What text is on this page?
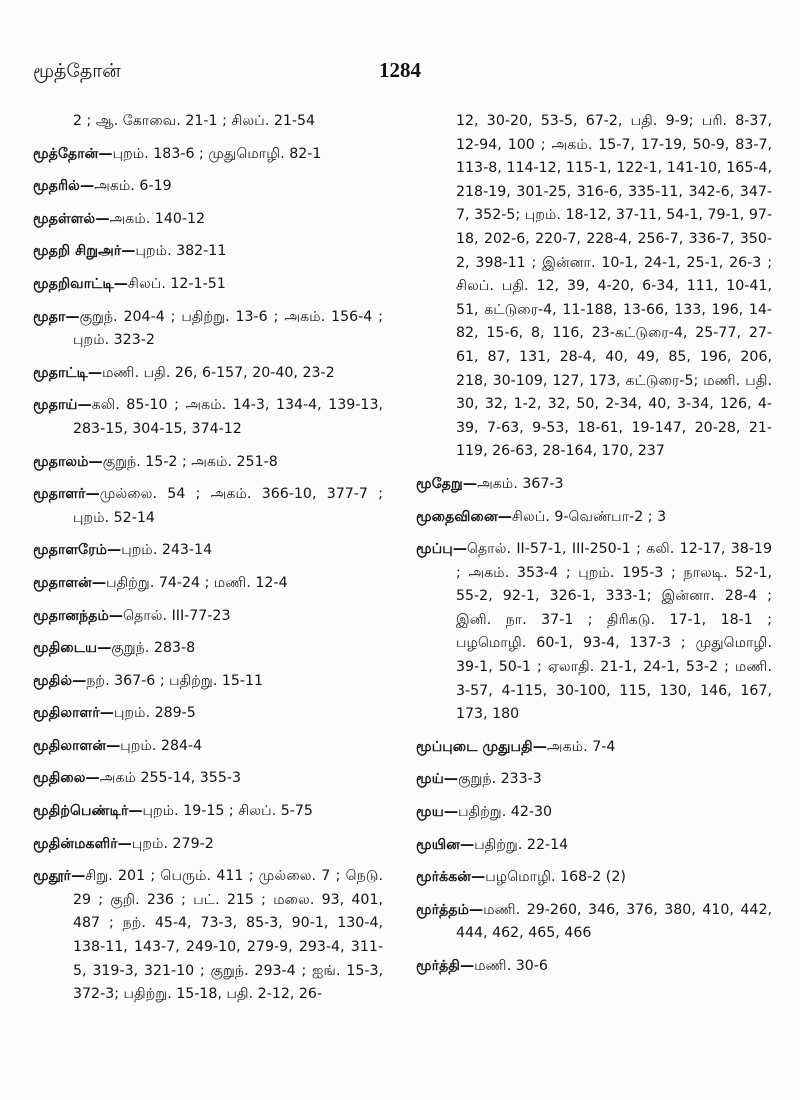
மூத்தோன்	1284

2 ; ஆ. கோவை. 21-1 ; சிலப். 21-54

மூத்தோன்—புறம். 183-6 ; முதுமொழி. 82-1

மூதரில்—அகம். 6-19

மூதள்ளல்—அகம். 140-12

மூதறி சிறுஅர்—புறம். 382-11

மூதறிவாட்டி—சிலப். 12-1-51

மூதா—குறுந். 204-4 ; பதிற்று. 13-6 ; அகம். 156-4 ; புறம். 323-2

மூதாட்டி—மணி. பதி. 26, 6-157, 20-40, 23-2

மூதாய்—கலி. 85-10 ; அகம். 14-3, 134-4, 139-13, 283-15, 304-15, 374-12

மூதாலம்—குறுந். 15-2 ; அகம். 251-8

மூதாளர்—முல்லை. 54 ; அகம். 366-10, 377-7 ; புறம். 52-14

மூதாளரேம்—புறம். 243-14

மூதாளன்—பதிற்று. 74-24 ; மணி. 12-4

மூதானந்தம்—தொல். III-77-23

மூதிடைய—குறுந். 283-8

மூதில்—நற். 367-6 ; பதிற்று. 15-11

மூதிலாளர்—புறம். 289-5

மூதிலாளன்—புறம். 284-4

மூதிலை—அகம் 255-14, 355-3

மூதிற்பெண்டிர்—புறம். 19-15 ; சிலப். 5-75

மூதின்மகளிர்—புறம். 279-2

மூதூர்—சிறு. 201 ; பெரும். 411 ; முல்லை. 7 ; நெடு. 29 ; குறி. 236 ; பட். 215 ; மலை. 93, 401, 487 ; நற். 45-4, 73-3, 85-3, 90-1, 130-4, 138-11, 143-7, 249-10, 279-9, 293-4, 311-5, 319-3, 321-10 ; குறுந். 293-4 ; ஐங். 15-3, 372-3; பதிற்று. 15-18, பதி. 2-12, 26-

12, 30-20, 53-5, 67-2, பதி. 9-9; பரி. 8-37, 12-94, 100 ; அகம். 15-7, 17-19, 50-9, 83-7, 113-8, 114-12, 115-1, 122-1, 141-10, 165-4, 218-19, 301-25, 316-6, 335-11, 342-6, 347-7, 352-5; புறம். 18-12, 37-11, 54-1, 79-1, 97-18, 202-6, 220-7, 228-4, 256-7, 336-7, 350-2, 398-11 ; இன்னா. 10-1, 24-1, 25-1, 26-3 ; சிலப். பதி. 12, 39, 4-20, 6-34, 111, 10-41, 51, கட்டுரை-4, 11-188, 13-66, 133, 196, 14-82, 15-6, 8, 116, 23-கட்டுரை-4, 25-77, 27-61, 87, 131, 28-4, 40, 49, 85, 196, 206, 218, 30-109, 127, 173, கட்டுரை-5; மணி. பதி. 30, 32, 1-2, 32, 50, 2-34, 40, 3-34, 126, 4-39, 7-63, 9-53, 18-61, 19-147, 20-28, 21-119, 26-63, 28-164, 170, 237

மூதேறு—அகம். 367-3

மூதைவினை—சிலப். 9-வெண்பா-2 ; 3

மூப்பு—தொல். II-57-1, III-250-1 ; கலி. 12-17, 38-19 ; அகம். 353-4 ; புறம். 195-3 ; நாலடி. 52-1, 55-2, 92-1, 326-1, 333-1; இன்னா. 28-4 ; இனி. நா. 37-1 ; திரிகடு. 17-1, 18-1 ; பழமொழி. 60-1, 93-4, 137-3 ; முதுமொழி. 39-1, 50-1 ; ஏலாதி. 21-1, 24-1, 53-2 ; மணி. 3-57, 4-115, 30-100, 115, 130, 146, 167, 173, 180

மூப்புடை முதுபதி—அகம். 7-4

மூய்—குறுந். 233-3

மூய—பதிற்று. 42-30

மூயின—பதிற்று. 22-14

மூர்க்கன்—பழமொழி. 168-2 (2)

மூர்த்தம்—மணி. 29-260, 346, 376, 380, 410, 442, 444, 462, 465, 466

மூர்த்தி—மணி. 30-6
